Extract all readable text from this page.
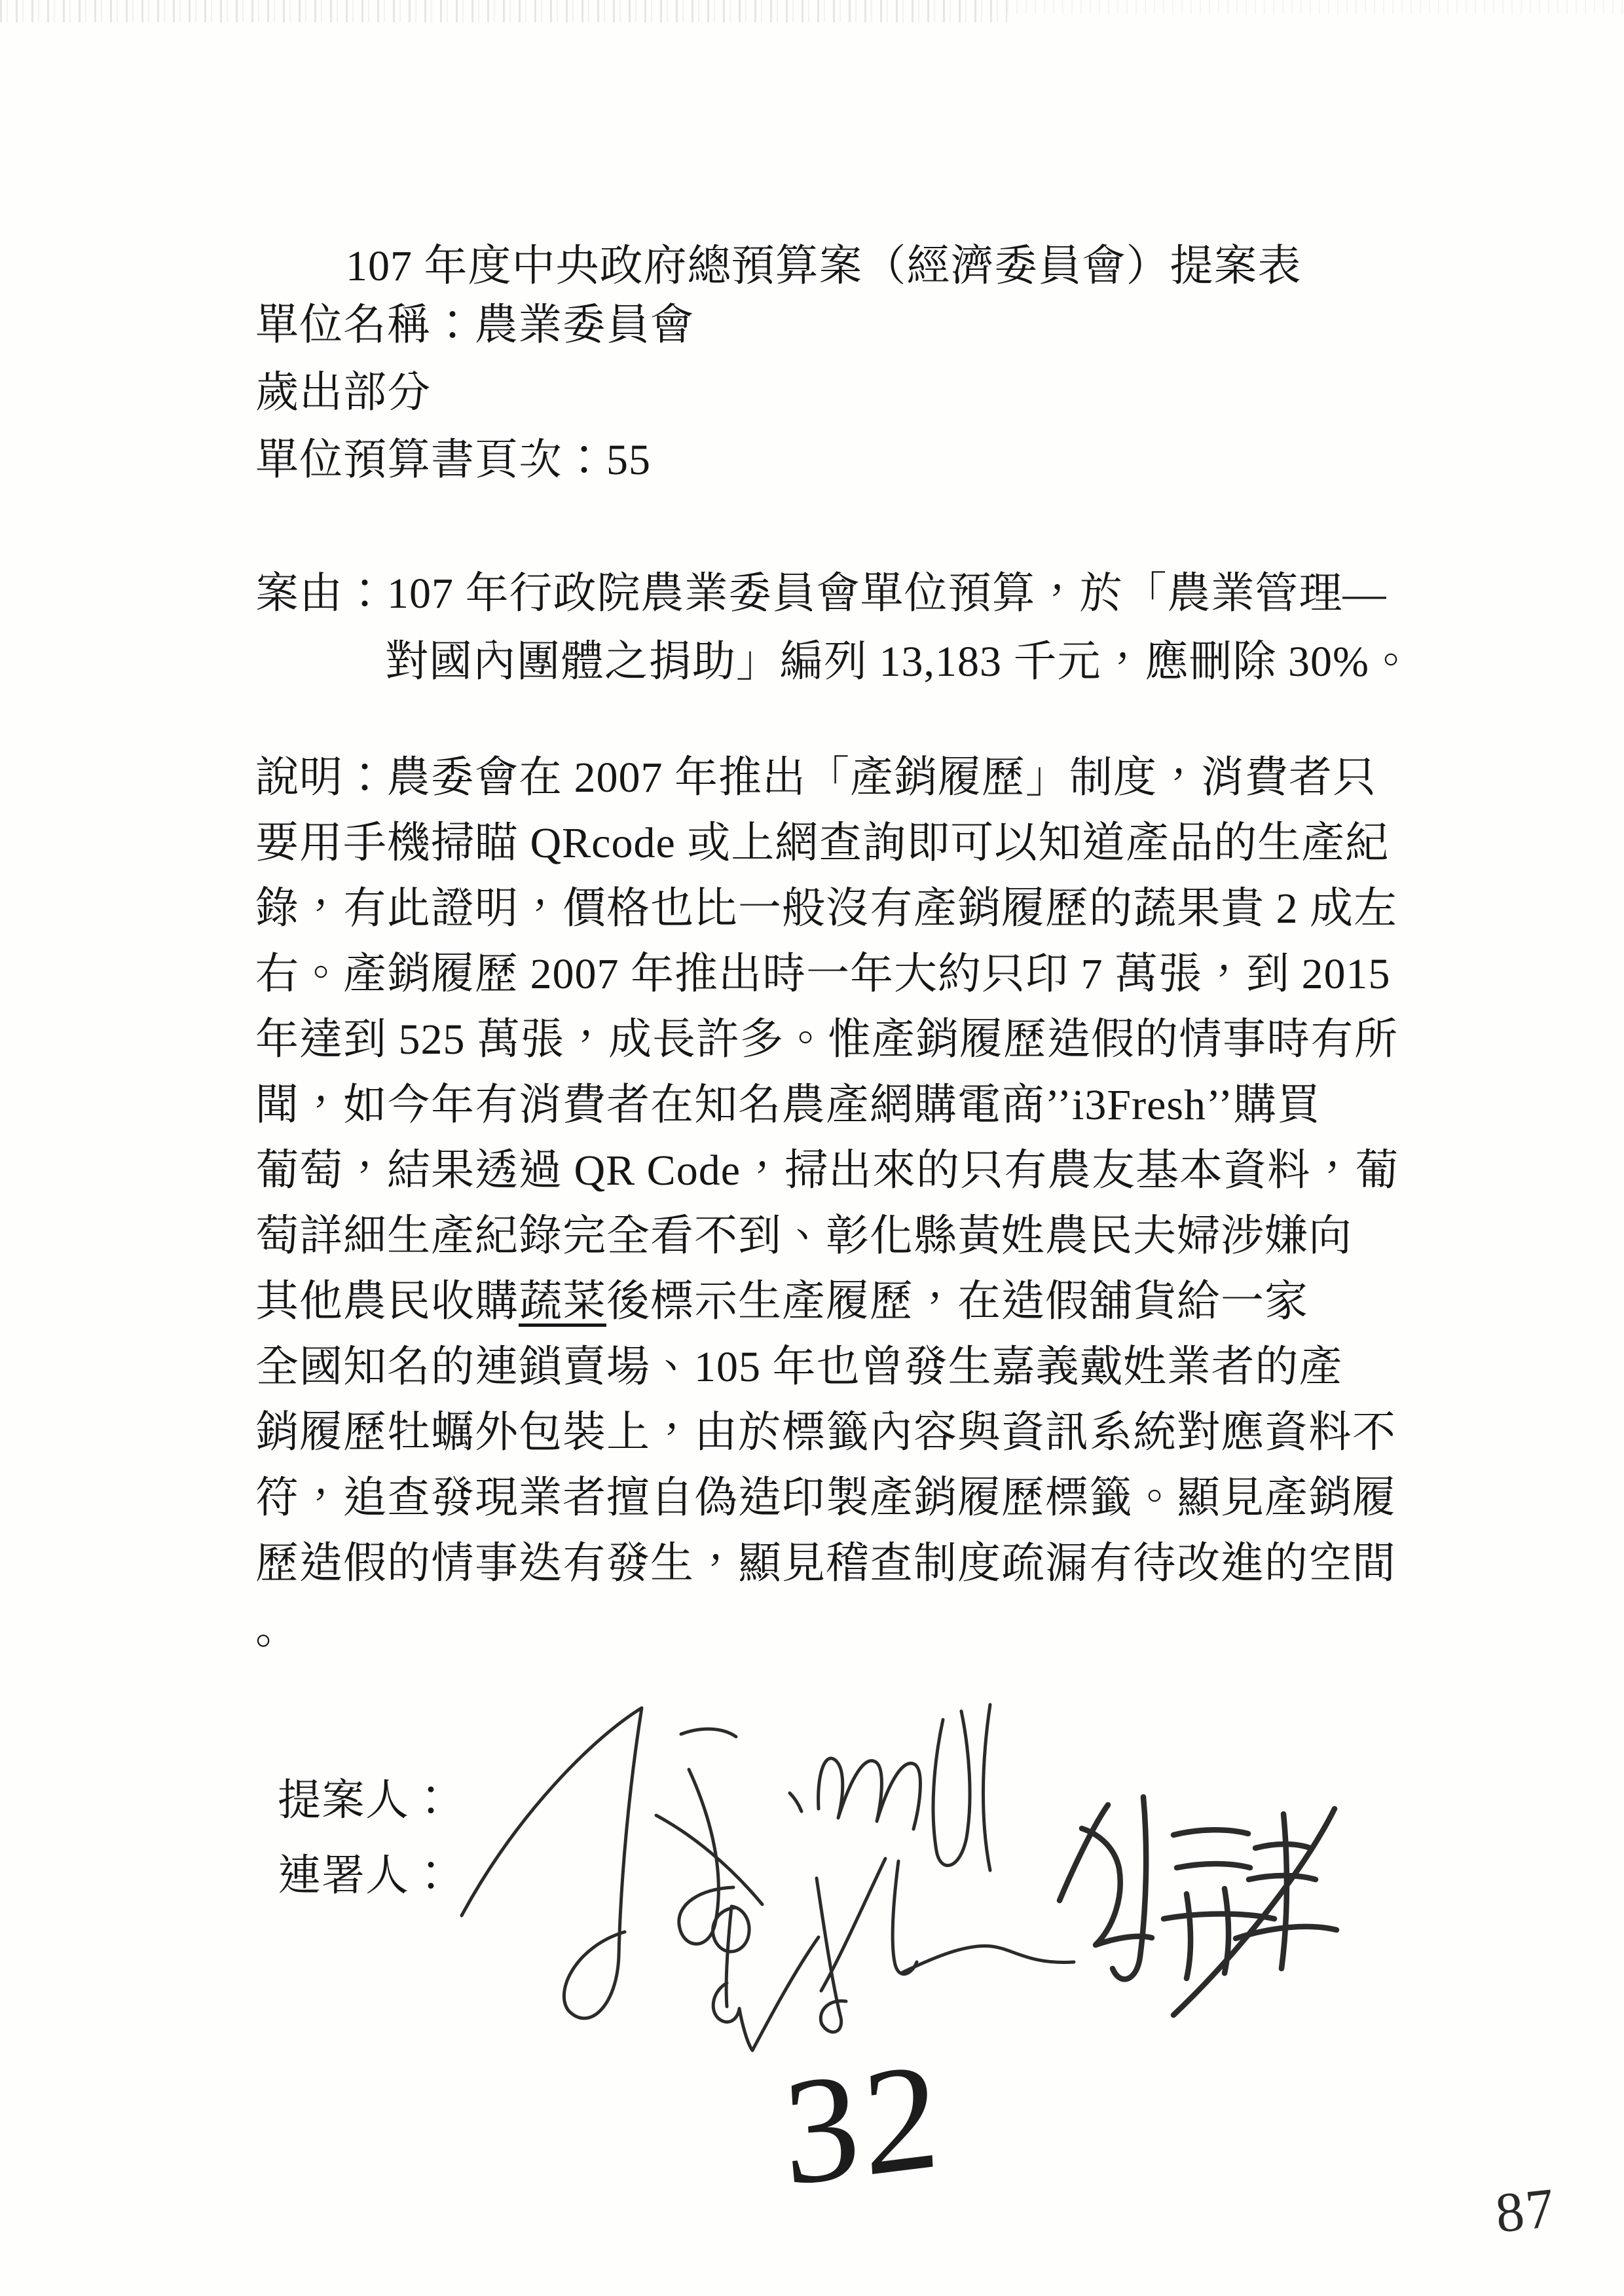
107 年度中央政府總預算案（經濟委員會）提案表
單位名稱：農業委員會
歲出部分
單位預算書頁次：55
案由：107 年行政院農業委員會單位預算，於「農業管理—
對國內團體之捐助」編列 13,183 千元，應刪除 30%。
說明：農委會在 2007 年推出「產銷履歷」制度，消費者只
要用手機掃瞄 QRcode 或上網查詢即可以知道產品的生產紀
錄，有此證明，價格也比一般沒有產銷履歷的蔬果貴 2 成左
右。產銷履歷 2007 年推出時一年大約只印 7 萬張，到 2015
年達到 525 萬張，成長許多。惟產銷履歷造假的情事時有所
聞，如今年有消費者在知名農產網購電商’’i3Fresh’’購買
葡萄，結果透過 QR Code，掃出來的只有農友基本資料，葡
萄詳細生產紀錄完全看不到、彰化縣黃姓農民夫婦涉嫌向
其他農民收購蔬菜後標示生產履歷，在造假舖貨給一家
全國知名的連鎖賣場、105 年也曾發生嘉義戴姓業者的產
銷履歷牡蠣外包裝上，由於標籤內容與資訊系統對應資料不
符，追查發現業者擅自偽造印製產銷履歷標籤。顯見產銷履
歷造假的情事迭有發生，顯見稽查制度疏漏有待改進的空間
。
提案人：
連署人：
32	87
